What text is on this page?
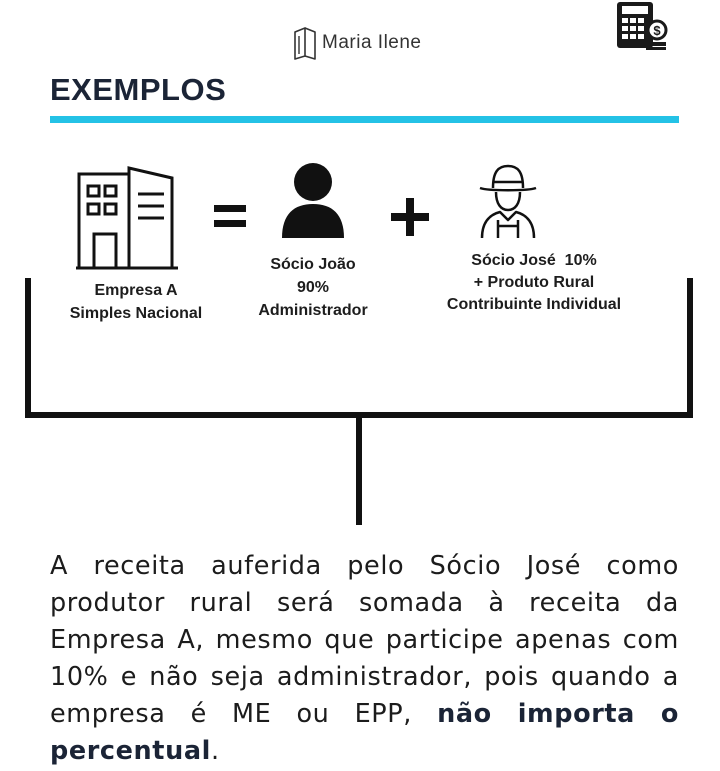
Maria Ilene
$
EXEMPLOS
Empresa A
Simples Nacional
Sócio João
90%
Administrador
Sócio José  10%
+ Produto Rural
Contribuinte Individual
A receita auferida pelo Sócio José como produtor rural será somada à receita da Empresa A, mesmo que participe apenas com 10% e não seja administrador, pois quando a empresa é ME ou EPP, não importa o percentual.
